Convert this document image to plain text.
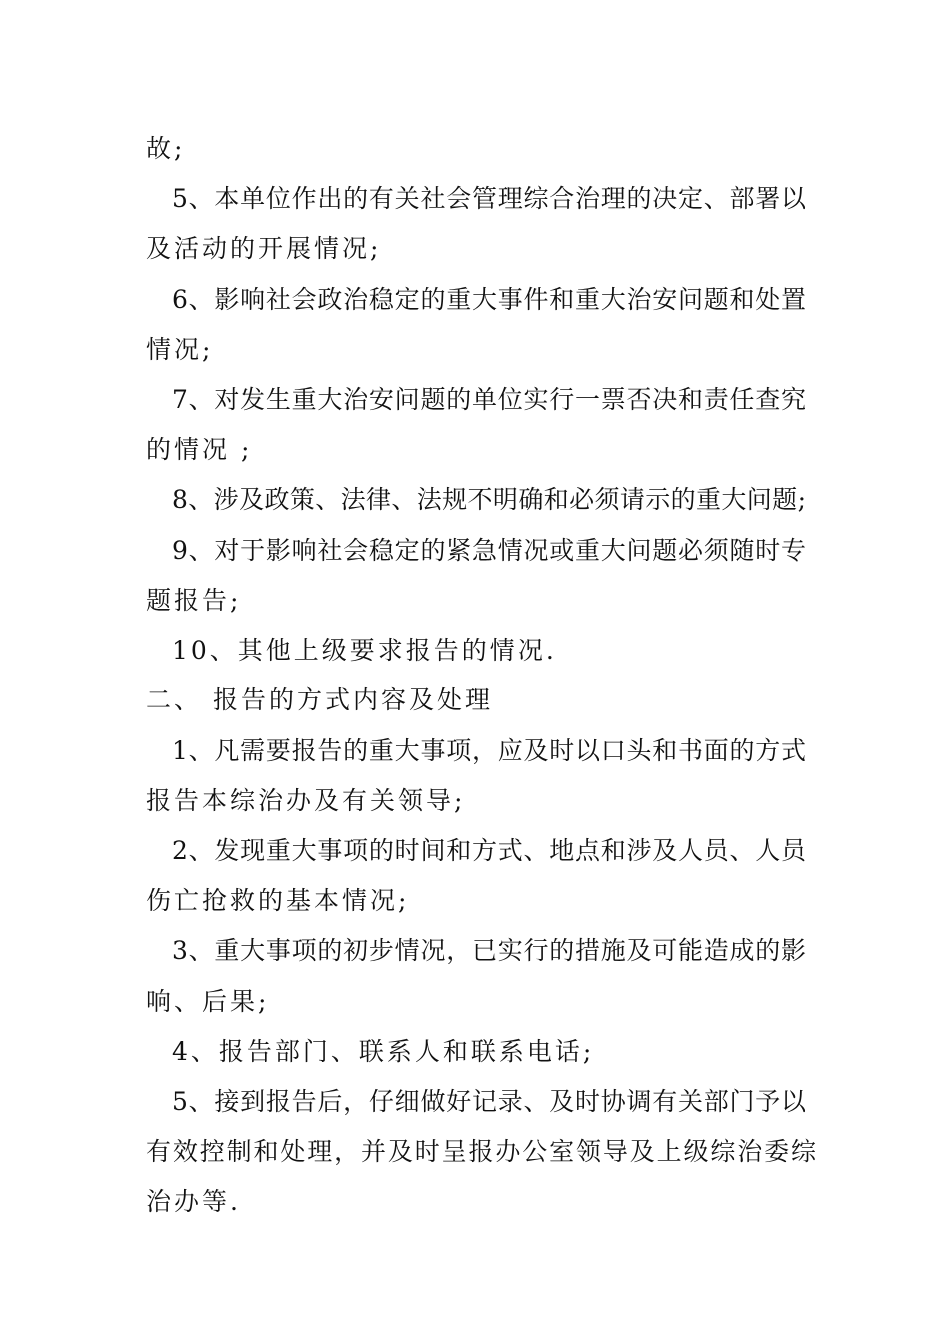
故;
5、本单位作出的有关社会管理综合治理的决定、部署以
及活动的开展情况;
6、影响社会政治稳定的重大事件和重大治安问题和处置
情况;
7、对发生重大治安问题的单位实行一票否决和责任查究
的情况 ;
8、涉及政策、法律、法规不明确和必须请示的重大问题;
9、对于影响社会稳定的紧急情况或重大问题必须随时专
题报告;
10、其他上级要求报告的情况.
二、 报告的方式内容及处理
1、凡需要报告的重大事项，应及时以口头和书面的方式
报告本综治办及有关领导;
2、发现重大事项的时间和方式、地点和涉及人员、人员
伤亡抢救的基本情况;
3、重大事项的初步情况，已实行的措施及可能造成的影
响、后果;
4、报告部门、联系人和联系电话;
5、接到报告后，仔细做好记录、及时协调有关部门予以
有效控制和处理，并及时呈报办公室领导及上级综治委综
治办等.
